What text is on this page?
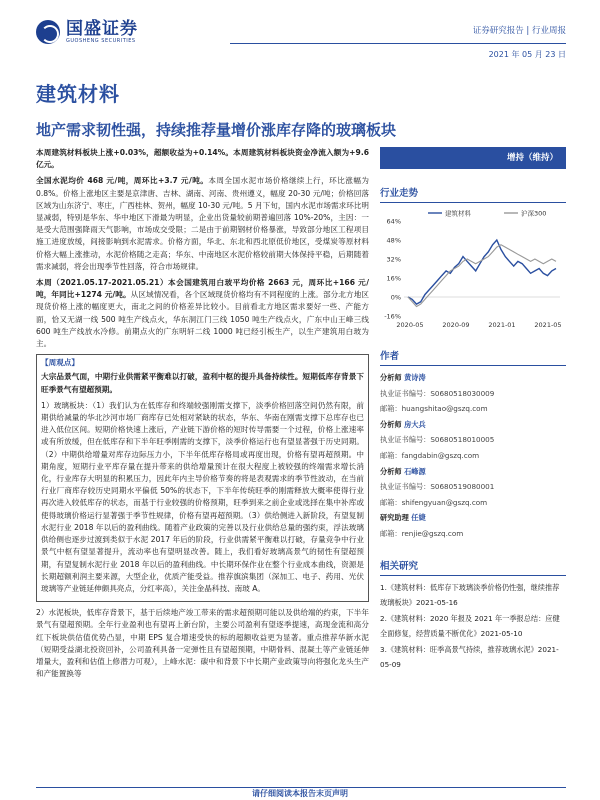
国盛证券
GUOSHENG SECURITIES
证券研究报告 | 行业周报
2021 年 05 月 23 日
建筑材料
地产需求韧性强，持续推荐量增价涨库存降的玻璃板块

本周建筑材料板块上涨+0.03%，超额收益为+0.14%。本周建筑材料板块资金净流入额为+9.6 亿元。

全国水泥均价 468 元/吨，周环比+3.7 元/吨。本周全国水泥市场价格继续上行，环比涨幅为 0.8%。价格上涨地区主要是京津唐、吉林、湖南、河南、贵州遵义，幅度 20-30 元/吨；价格回落区域为山东济宁、枣庄，广西桂林、贺州，幅度 10-30 元/吨。5 月下旬，国内水泥市场需求环比明显减弱，特别是华东、华中地区下滑最为明显，企业出货量较前期普遍回落 10%-20%，主因：一是受大范围强降雨天气影响，市场成交受限；二是由于前期钢材价格暴涨，导致部分地区工程项目施工进度放缓，间接影响到水泥需求。价格方面，华北、东北和西北原低价地区，受煤炭等原材料价格大幅上涨推动，水泥价格随之走高；华东、中南地区水泥价格较前期大体保持平稳，后期随着需求减弱，将会出现季节性回落，符合市场规律。

本周（2021.05.17-2021.05.21）本会国建筑用白玻平均价格 2663 元，周环比+166 元/吨，年同比+1274 元/吨。从区域情况看，各个区域现货价格均有不同程度的上涨。部分北方地区现货价格上涨的幅度更大，南北之间的价格差异比较小。目前看北方地区需求要好一些、产能方面，恰又无湖一线 500 吨生产线点火，华东洞江门三线 1050 吨生产线点火，广东中山王峰三线 600 吨生产线放水冷修。前期点火的广东明轩二线 1000 吨已经引板生产，以生产建筑用白玻为主。

【周观点】

大宗品景气面，中期行业供需紧平衡难以打破，盈利中枢的提升具备持续性。短期低库存背景下旺季景气有望超预期。

1）玻璃板块：（1）我们认为在低库存和终端较强刚需支撑下，淡季价格回落空间仍然有限，前期供给减量的华北沙河市场厂商库存已处相对紧缺的状态，华东、华南在刚需支撑下总库存也已进入低位区间。短期价格快速上涨后，产业链下游价格的短时传导需要一个过程，价格上涨速率或有所放缓，但在低库存和下半年旺季刚需的支撑下，淡季价格运行也有望显著强于历史同期。（2）中期供给增量对库存边际压力小，下半年低库存格局或再度出现，价格有望再超预期。中期角度，短期行业平库存量在提升带来的供给增量预计在很大程度上被较强的终端需求增长消化，行业库存大明显的积累压力，因此年内主导价格节奏的将是表观需求的季节性波动，在当前行业厂商库存较历史同期水平偏低 50%的状态下，下半年传统旺季的刚需释放大概率使得行业再次进入较低库存的状态，而基于行业较强的价格预期，旺季到来之前企业或选择在集中补库或使得玻璃价格运行显著强于季节性规律，价格有望再超预期。（3）供给侧进入新阶段，有望复制水泥行业 2018 年以后的盈利曲线。随着产业政策的完善以及行业供给总量的强约束，浮法玻璃供给侧也逐步过渡到类似于水泥 2017 年后的阶段，行业供需紧平衡难以打破，存量竞争中行业景气中枢有望显著提升，流动率也有望明显改善。随上，我们看好玻璃高景气的韧性有望超预期，有望复制水泥行业 2018 年以后的盈利曲线。中长期环保作业在整个行业成本曲线，资源是长期超额利润主要来源，大型企业，优质产能受益。推荐旗滨集团（深加工、电子、药用、光伏玻璃等产业链延伸颇具亮点，分红率高），关注金晶科技、南玻 A。

2）水泥板块，低库存背景下，基于后续地产竣工带来的需求超预期可能以及供给端的约束，下半年景气有望超预期。全年行业盈利也有望再上新台阶，主要公司盈利有望逐季提速，高现金流和高分红下板块供估值优势凸显，中期 EPS 复合增速受快的标的超额收益更为显著。重点推荐华新水泥（短期受益湖北投资回补，公司盈利具备一定弹性且有望超预期，中期骨料、混凝土等产业链延伸增量大，盈利和估值上修潜力可观），上峰水泥：碳中和背景下中长期产业政策导向将强化龙头生产和产能置换等

增持（维持）
行业走势
64%
48%
32%
16%
0%
-16%
2020-05	2020-09	2021-01	2021-05
建筑材料	沪深300
作者
分析师 黄诗涛
执业证书编号：S0680518030009
邮箱：huangshitao@gszq.com
分析师 房大兵
执业证书编号：S0680518010005
邮箱：fangdabin@gszq.com
分析师 石峰源
执业证书编号：S0680519080001
邮箱：shifengyuan@gszq.com
研究助理 任婕
邮箱：renjie@gszq.com
相关研究
1.《建筑材料：低库存下玻璃淡季价格仍性强，继续推荐玻璃板块》2021-05-16
2.《建筑材料：2020 年报及 2021 年一季报总结：应健全面修复，经营质量不断优化》2021-05-10
3.《建筑材料：旺季高景气持续，推荐玻璃水泥》2021-05-09
请仔细阅读本报告末页声明
